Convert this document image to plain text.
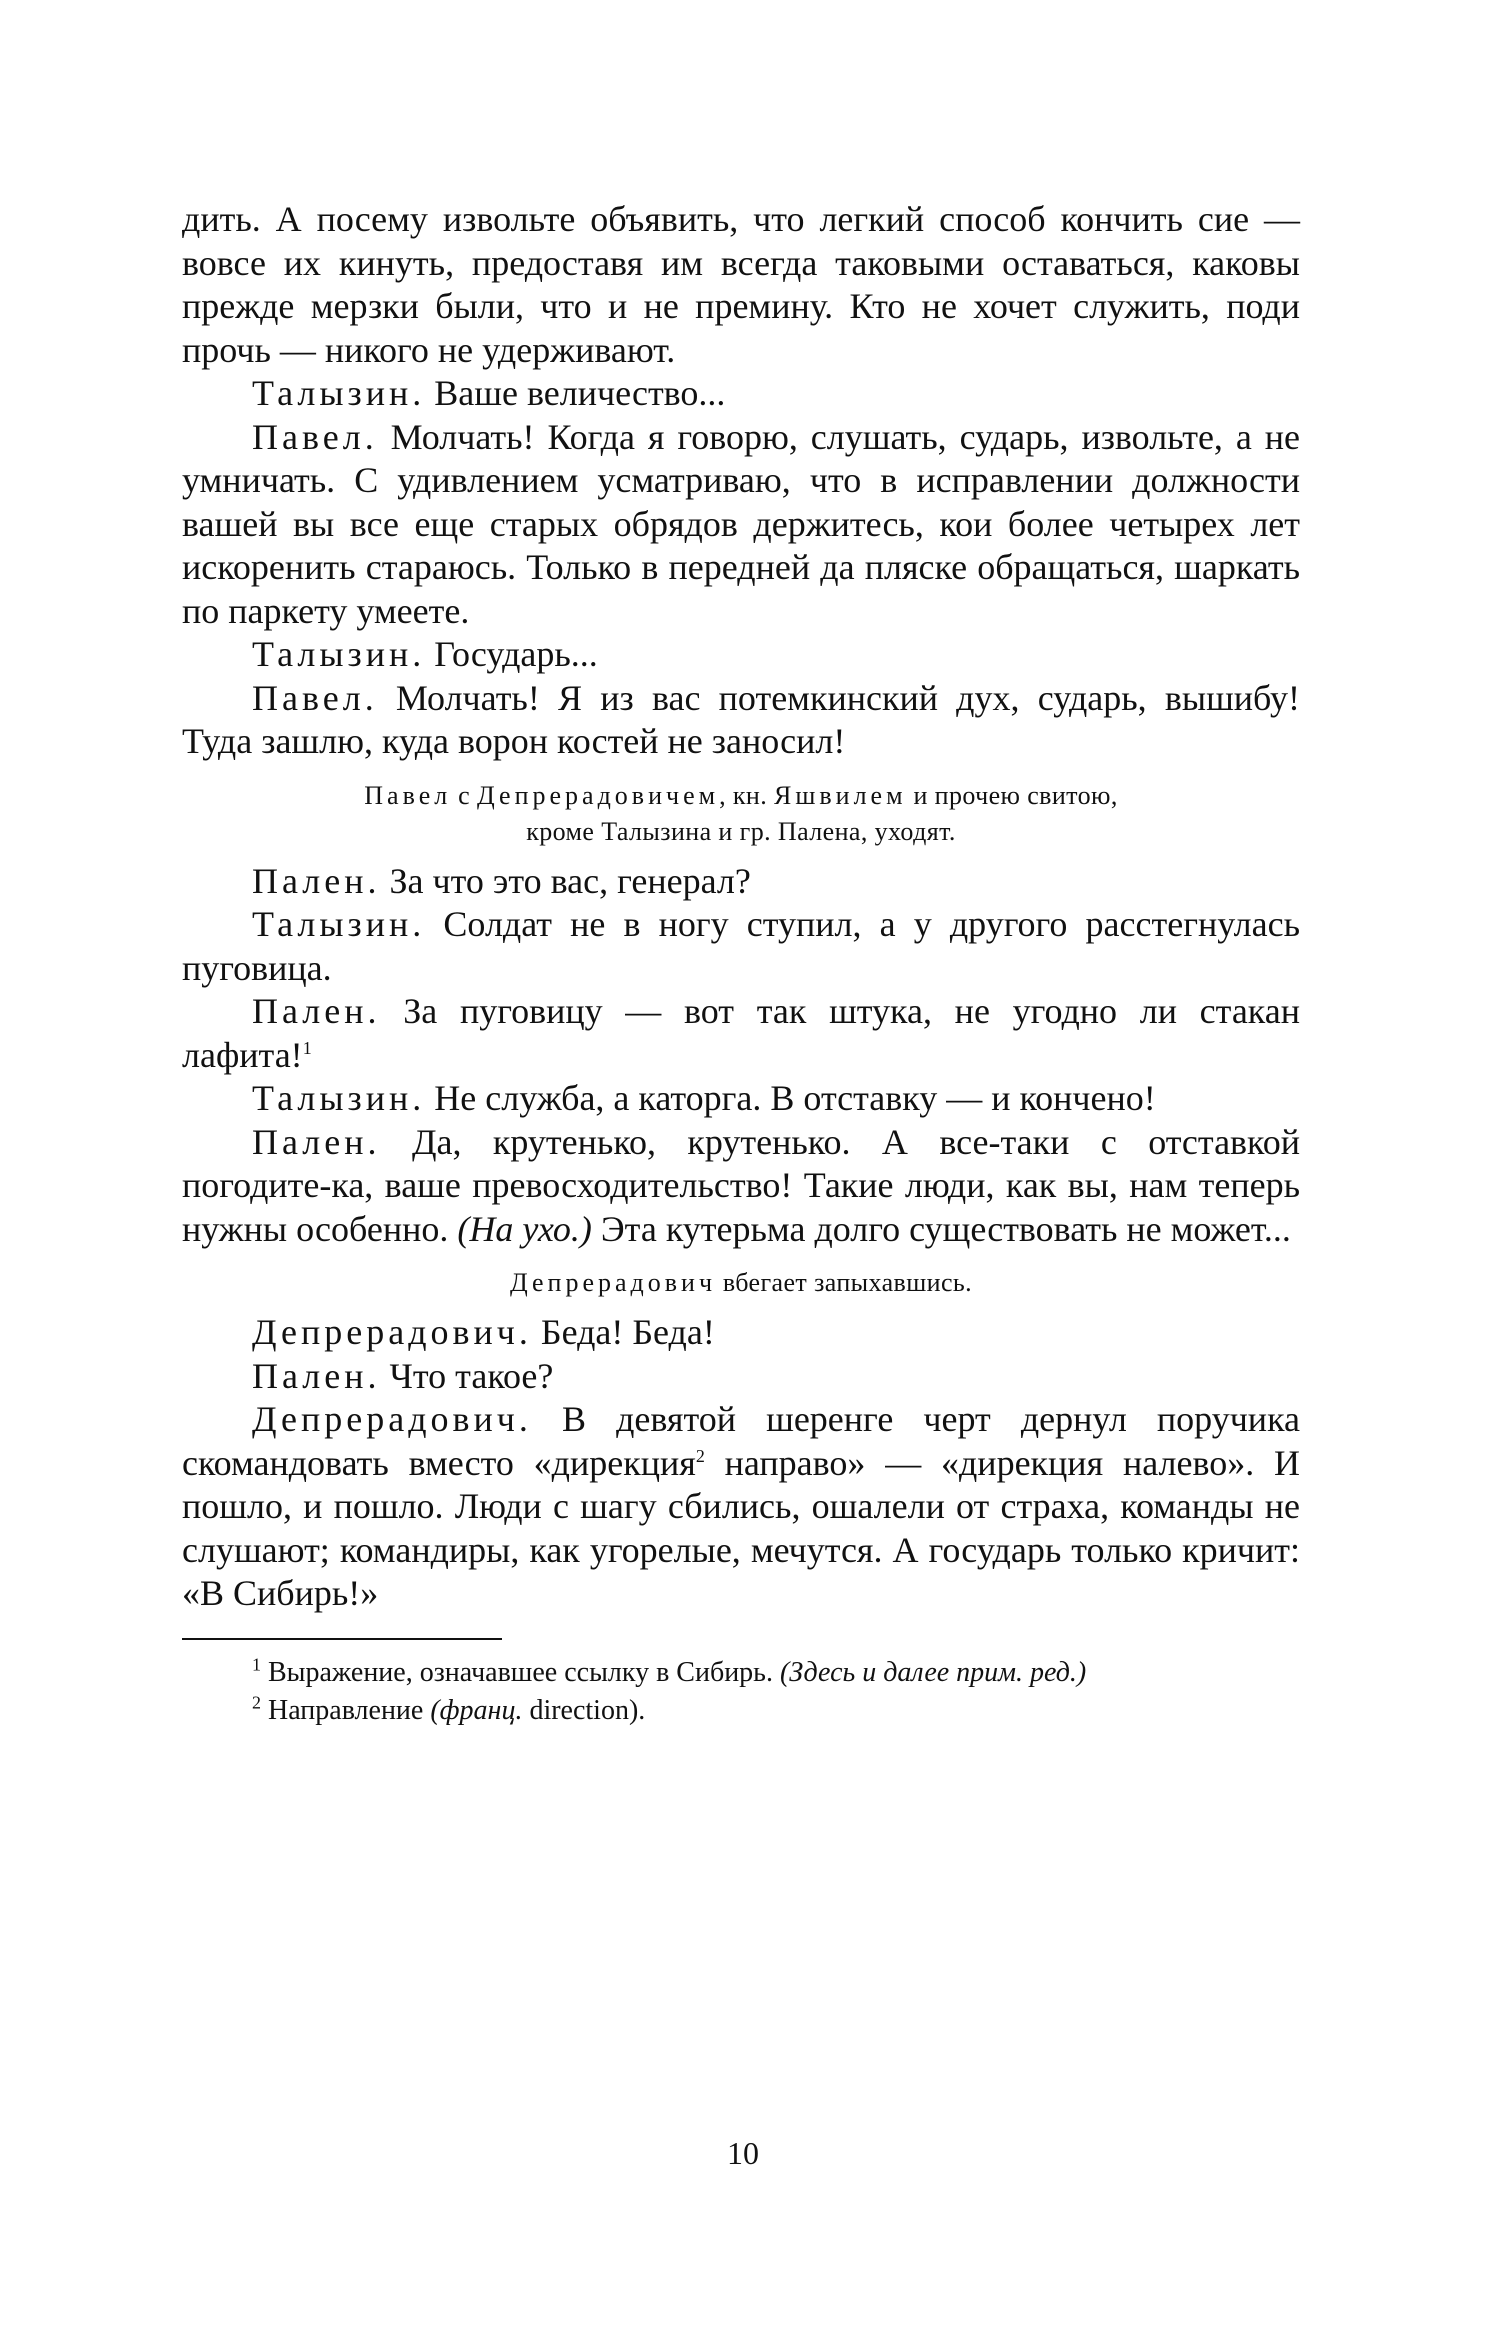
дить. А посему извольте объявить, что легкий способ кончить сие — вовсе их кинуть, предоставя им всегда таковыми оставаться, каковы прежде мерзки были, что и не премину. Кто не хочет служить, поди прочь — никого не удерживают.

Талызин. Ваше величество...

Павел. Молчать! Когда я говорю, слушать, сударь, извольте, а не умничать. С удивлением усматриваю, что в исправлении должности вашей вы все еще старых обрядов держитесь, кои более четырех лет искоренить стараюсь. Только в передней да пляске обращаться, шаркать по паркету умеете.

Талызин. Государь...

Павел. Молчать! Я из вас потемкинский дух, сударь, вышибу! Туда зашлю, куда ворон костей не заносил!

Павел с Депрерадовичем, кн. Яшвилем и прочею свитою,
кроме Талызина и гр. Палена, уходят.

Пален. За что это вас, генерал?

Талызин. Солдат не в ногу ступил, а у другого расстегнулась пуговица.

Пален. За пуговицу — вот так штука, не угодно ли стакан лафита!$^1$

Талызин. Не служба, а каторга. В отставку — и кончено!

Пален. Да, крутенько, крутенько. А все-таки с отставкой погодите-ка, ваше превосходительство! Такие люди, как вы, нам теперь нужны особенно. (На ухо.) Эта кутерьма долго существовать не может...

Депрерадович вбегает запыхавшись.

Депрерадович. Беда! Беда!

Пален. Что такое?

Депрерадович. В девятой шеренге черт дернул поручика скомандовать вместо «дирекция$^2$ направо» — «дирекция налево». И пошло, и пошло. Люди с шагу сбились, ошалели от страха, команды не слушают; командиры, как угорелые, мечутся. А государь только кричит: «В Сибирь!»

$^1$ Выражение, означавшее ссылку в Сибирь. (Здесь и далее прим. ред.)

$^2$ Направление (франц. direction).

10
